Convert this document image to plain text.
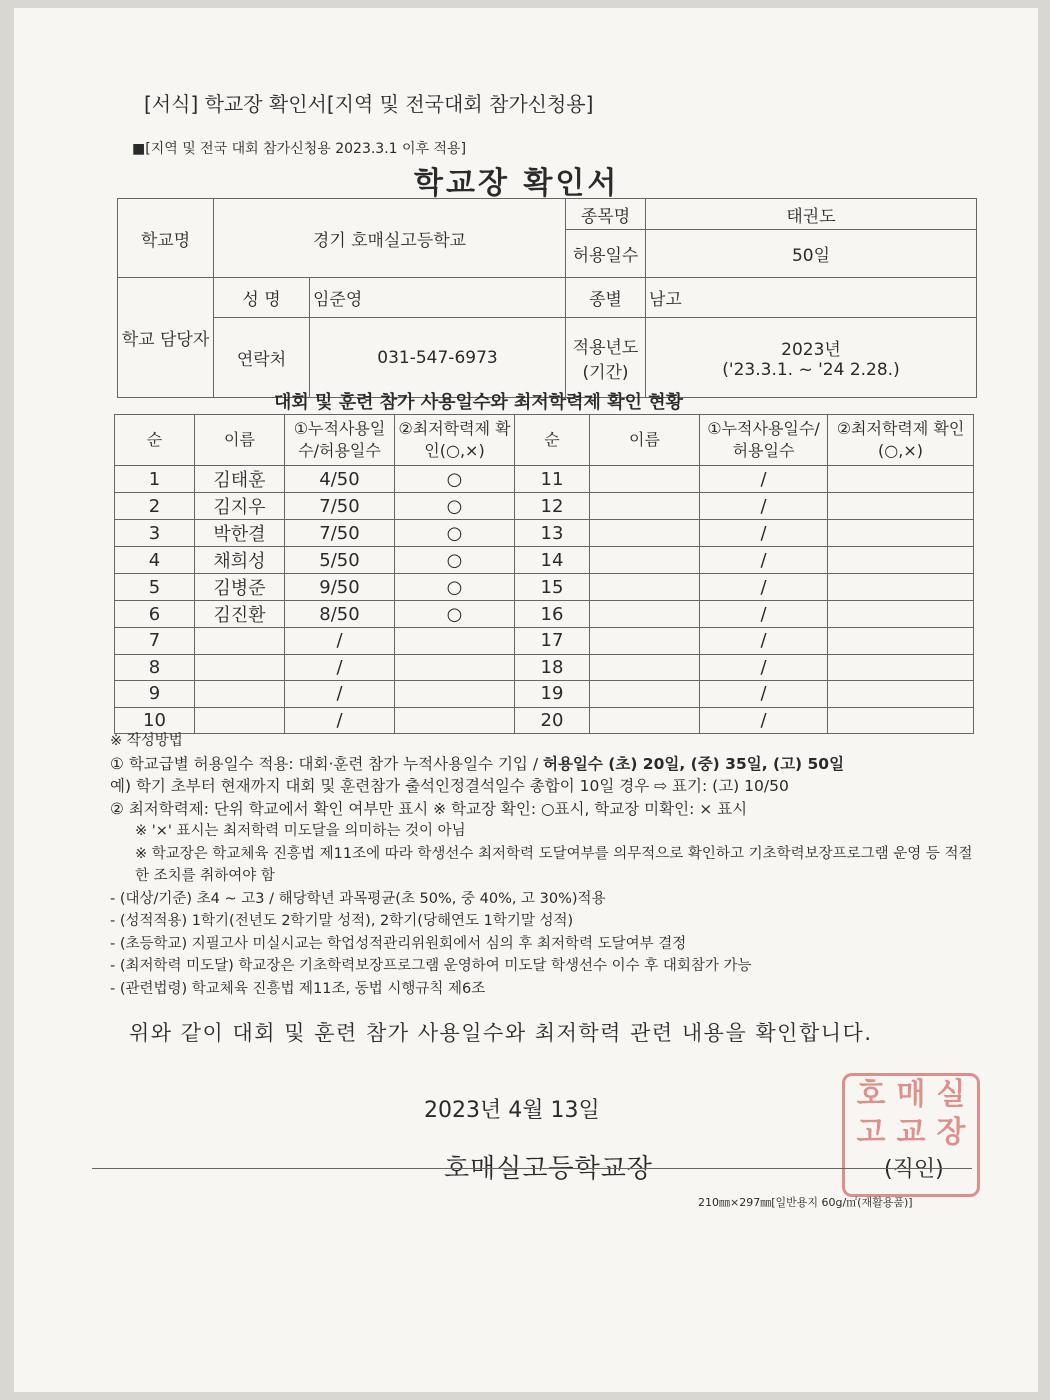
[서식] 학교장 확인서[지역 및 전국대회 참가신청용]
■[지역 및 전국 대회 참가신청용 2023.3.1 이후 적용]
학교장 확인서
학교명	경기 호매실고등학교		종목명	태권도
			허용일수	50일
학교 담당자	성 명	임준영	종별	남고
	연락처	031-547-6973	적용년도 (기간)	2023년
('23.3.1. ~ '24 2.28.)
대회 및 훈련 참가 사용일수와 최저학력제 확인 현황
순	이름	①누적사용일수/허용일수	②최저학력제 확인(○,×)	순	이름	①누적사용일수/허용일수	②최저학력제 확인(○,×)
1	김태훈	4/50	○	11		/	
2	김지우	7/50	○	12		/	
3	박한결	7/50	○	13		/	
4	채희성	5/50	○	14		/	
5	김병준	9/50	○	15		/	
6	김진환	8/50	○	16		/	
7		/		17		/	
8		/		18		/	
9		/		19		/	
10		/		20		/	
※ 작성방법
① 학교급별 허용일수 적용: 대회·훈련 참가 누적사용일수 기입 / 허용일수 (초) 20일, (중) 35일, (고) 50일
예) 학기 초부터 현재까지 대회 및 훈련참가 출석인정결석일수 총합이 10일 경우 ⇨ 표기: (고) 10/50
② 최저학력제: 단위 학교에서 확인 여부만 표시 ※ 학교장 확인: ○표시, 학교장 미확인: × 표시
※ '×' 표시는 최저학력 미도달을 의미하는 것이 아님
※ 학교장은 학교체육 진흥법 제11조에 따라 학생선수 최저학력 도달여부를 의무적으로 확인하고 기초학력보장프로그램 운영 등 적절한 조치를 취하여야 함
- (대상/기준) 초4 ~ 고3 / 해당학년 과목평균(초 50%, 중 40%, 고 30%)적용
- (성적적용) 1학기(전년도 2학기말 성적), 2학기(당해연도 1학기말 성적)
- (초등학교) 지필고사 미실시교는 학업성적관리위원회에서 심의 후 최저학력 도달여부 결정
- (최저학력 미도달) 학교장은 기초학력보장프로그램 운영하여 미도달 학생선수 이수 후 대회참가 가능
- (관련법령) 학교체육 진흥법 제11조, 동법 시행규칙 제6조
위와 같이 대회 및 훈련 참가 사용일수와 최저학력 관련 내용을 확인합니다.
2023년 4월 13일
호매실고등학교장
호 매 실
고 교 장
(직인)
210㎜×297㎜[일반용지 60g/㎡(재활용품)]
